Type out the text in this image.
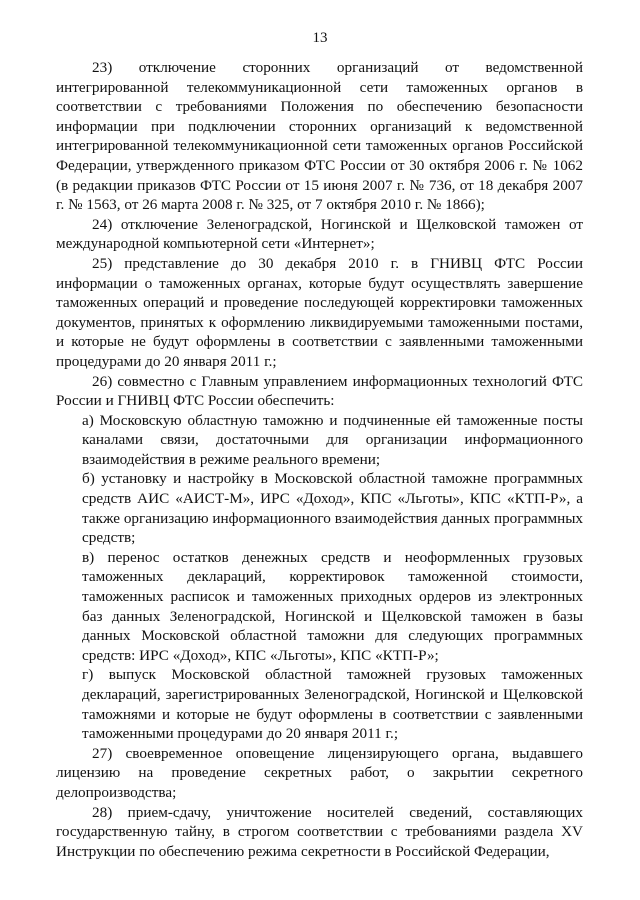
13

23) отключение сторонних организаций от ведомственной интегрированной телекоммуникационной сети таможенных органов в соответствии с требованиями Положения по обеспечению безопасности информации при подключении сторонних организаций к ведомственной интегрированной телекоммуникационной сети таможенных органов Российской Федерации, утвержденного приказом ФТС России от 30 октября 2006 г. № 1062 (в редакции приказов ФТС России от 15 июня 2007 г. № 736, от 18 декабря 2007 г. № 1563, от 26 марта 2008 г. № 325, от 7 октября 2010 г. № 1866);

24) отключение Зеленоградской, Ногинской и Щелковской таможен от международной компьютерной сети «Интернет»;

25) представление до 30 декабря 2010 г. в ГНИВЦ ФТС России информации о таможенных органах, которые будут осуществлять завершение таможенных операций и проведение последующей корректировки таможенных документов, принятых к оформлению ликвидируемыми таможенными постами, и которые не будут оформлены в соответствии с заявленными таможенными процедурами до 20 января 2011 г.;

26) совместно с Главным управлением информационных технологий ФТС России и ГНИВЦ ФТС России обеспечить:

а) Московскую областную таможню и подчиненные ей таможенные посты каналами связи, достаточными для организации информационного взаимодействия в режиме реального времени;

б) установку и настройку в Московской областной таможне программных средств АИС «АИСТ-М», ИРС «Доход», КПС «Льготы», КПС «КТП-Р», а также организацию информационного взаимодействия данных программных средств;

в) перенос остатков денежных средств и неоформленных грузовых таможенных деклараций, корректировок таможенной стоимости, таможенных расписок и таможенных приходных ордеров из электронных баз данных Зеленоградской, Ногинской и Щелковской таможен в базы данных Московской областной таможни для следующих программных средств: ИРС «Доход», КПС «Льготы», КПС «КТП-Р»;

г) выпуск Московской областной таможней грузовых таможенных деклараций, зарегистрированных Зеленоградской, Ногинской и Щелковской таможнями и которые не будут оформлены в соответствии с заявленными таможенными процедурами до 20 января 2011 г.;

27) своевременное оповещение лицензирующего органа, выдавшего лицензию на проведение секретных работ, о закрытии секретного делопроизводства;

28) прием-сдачу, уничтожение носителей сведений, составляющих государственную тайну, в строгом соответствии с требованиями раздела XV Инструкции по обеспечению режима секретности в Российской Федерации,
